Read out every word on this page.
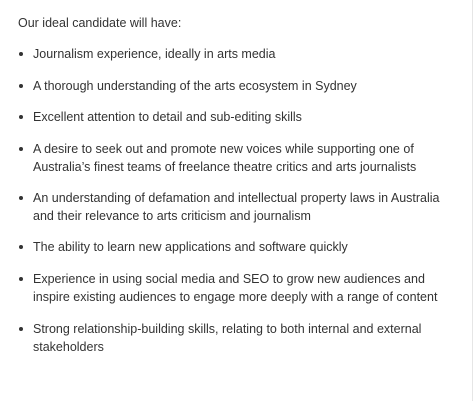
Our ideal candidate will have:
Journalism experience, ideally in arts media
A thorough understanding of the arts ecosystem in Sydney
Excellent attention to detail and sub-editing skills
A desire to seek out and promote new voices while supporting one of Australia’s finest teams of freelance theatre critics and arts journalists
An understanding of defamation and intellectual property laws in Australia and their relevance to arts criticism and journalism
The ability to learn new applications and software quickly
Experience in using social media and SEO to grow new audiences and inspire existing audiences to engage more deeply with a range of content
Strong relationship-building skills, relating to both internal and external stakeholders
